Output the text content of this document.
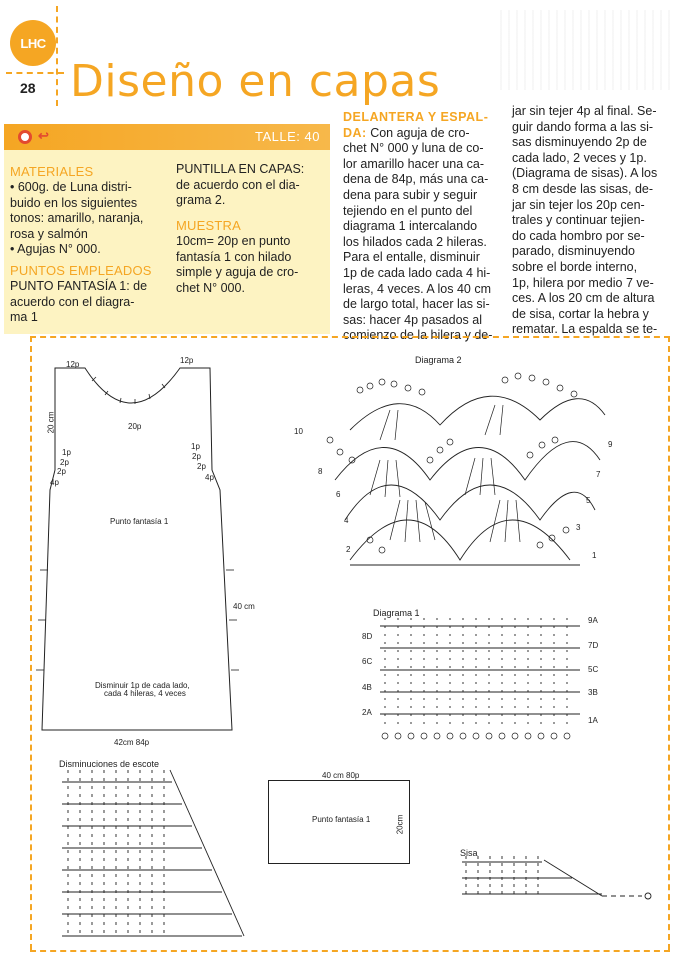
LHC
28 Diseño en capas
↩	TALLE: 40
MATERIALES
• 600g. de Luna distri-
buido en los siguientes
tonos: amarillo, naranja,
rosa y salmón
• Agujas N° 000.
PUNTOS EMPLEADOS
PUNTO FANTASÍA 1: de
acuerdo con el diagra-
ma 1
PUNTILLA EN CAPAS:
de acuerdo con el dia-
grama 2.
MUESTRA
10cm= 20p en punto
fantasía 1 con hilado
simple y aguja de cro-
chet N° 000.
DELANTERA Y ESPAL-
DA: Con aguja de cro-
chet N° 000 y luna de co-
lor amarillo hacer una ca-
dena de 84p, más una ca-
dena para subir y seguir
tejiendo en el punto del
diagrama 1 intercalando
los hilados cada 2 hileras.
Para el entalle, disminuir
1p de cada lado cada 4 hi-
leras, 4 veces. A los 40 cm
de largo total, hacer las si-
sas: hacer 4p pasados al
comienzo de la hilera y de-
jar sin tejer 4p al final. Se-
guir dando forma a las si-
sas disminuyendo 2p de
cada lado, 2 veces y 1p.
(Diagrama de sisas). A los
8 cm desde las sisas, de-
jar sin tejer los 20p cen-
trales y continuar tejien-
do cada hombro por se-
parado, disminuyendo
sobre el borde interno,
1p, hilera por medio 7 ve-
ces. A los 20 cm de altura
de sisa, cortar la hebra y
rematar. La espalda se te-
12p	12p
20p
20 cm
1p
2p
2p
4p
1p
2p
2p
4p
Punto fantasía 1
40 cm
Disminuir 1p de cada lado,
cada 4 hileras, 4 veces
42cm 84p
Diagrama 2
1
2
3
4
5
6
7
8
9
10
Diagrama 1
9A
7D
5C
3B
1A
8D
6C
4B
2A
Disminuciones de escote
40 cm 80p
Punto fantasía 1	20cm
Sisa
